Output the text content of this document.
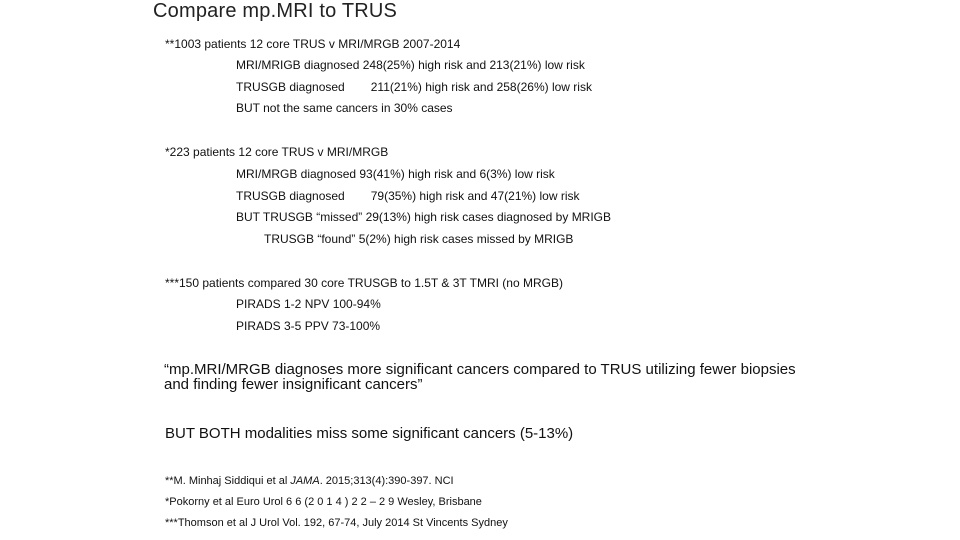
Compare mp.MRI to TRUS
**1003 patients 12 core TRUS v MRI/MRGB 2007-2014
MRI/MRIGB diagnosed 248(25%) high risk and 213(21%) low risk
TRUSGB diagnosed 211(21%) high risk and 258(26%) low risk
BUT not the same cancers in 30% cases
*223 patients 12 core TRUS v MRI/MRGB
MRI/MRGB diagnosed 93(41%) high risk and 6(3%) low risk
TRUSGB diagnosed 79(35%) high risk and 47(21%) low risk
BUT TRUSGB “missed” 29(13%) high risk cases diagnosed by MRIGB
TRUSGB “found” 5(2%) high risk cases missed by MRIGB
***150 patients compared 30 core TRUSGB to 1.5T & 3T TMRI (no MRGB)
PIRADS 1-2 NPV 100-94%
PIRADS 3-5 PPV 73-100%
“mp.MRI/MRGB diagnoses more significant cancers compared to TRUS utilizing fewer biopsies and finding fewer insignificant cancers”
BUT BOTH modalities miss some significant cancers (5-13%)
**M. Minhaj Siddiqui et al JAMA. 2015;313(4):390-397. NCI
*Pokorny et al Euro Urol 6 6 (2 0 1 4 ) 2 2 – 2 9 Wesley, Brisbane
***Thomson et al J Urol Vol. 192, 67-74, July 2014 St Vincents Sydney
